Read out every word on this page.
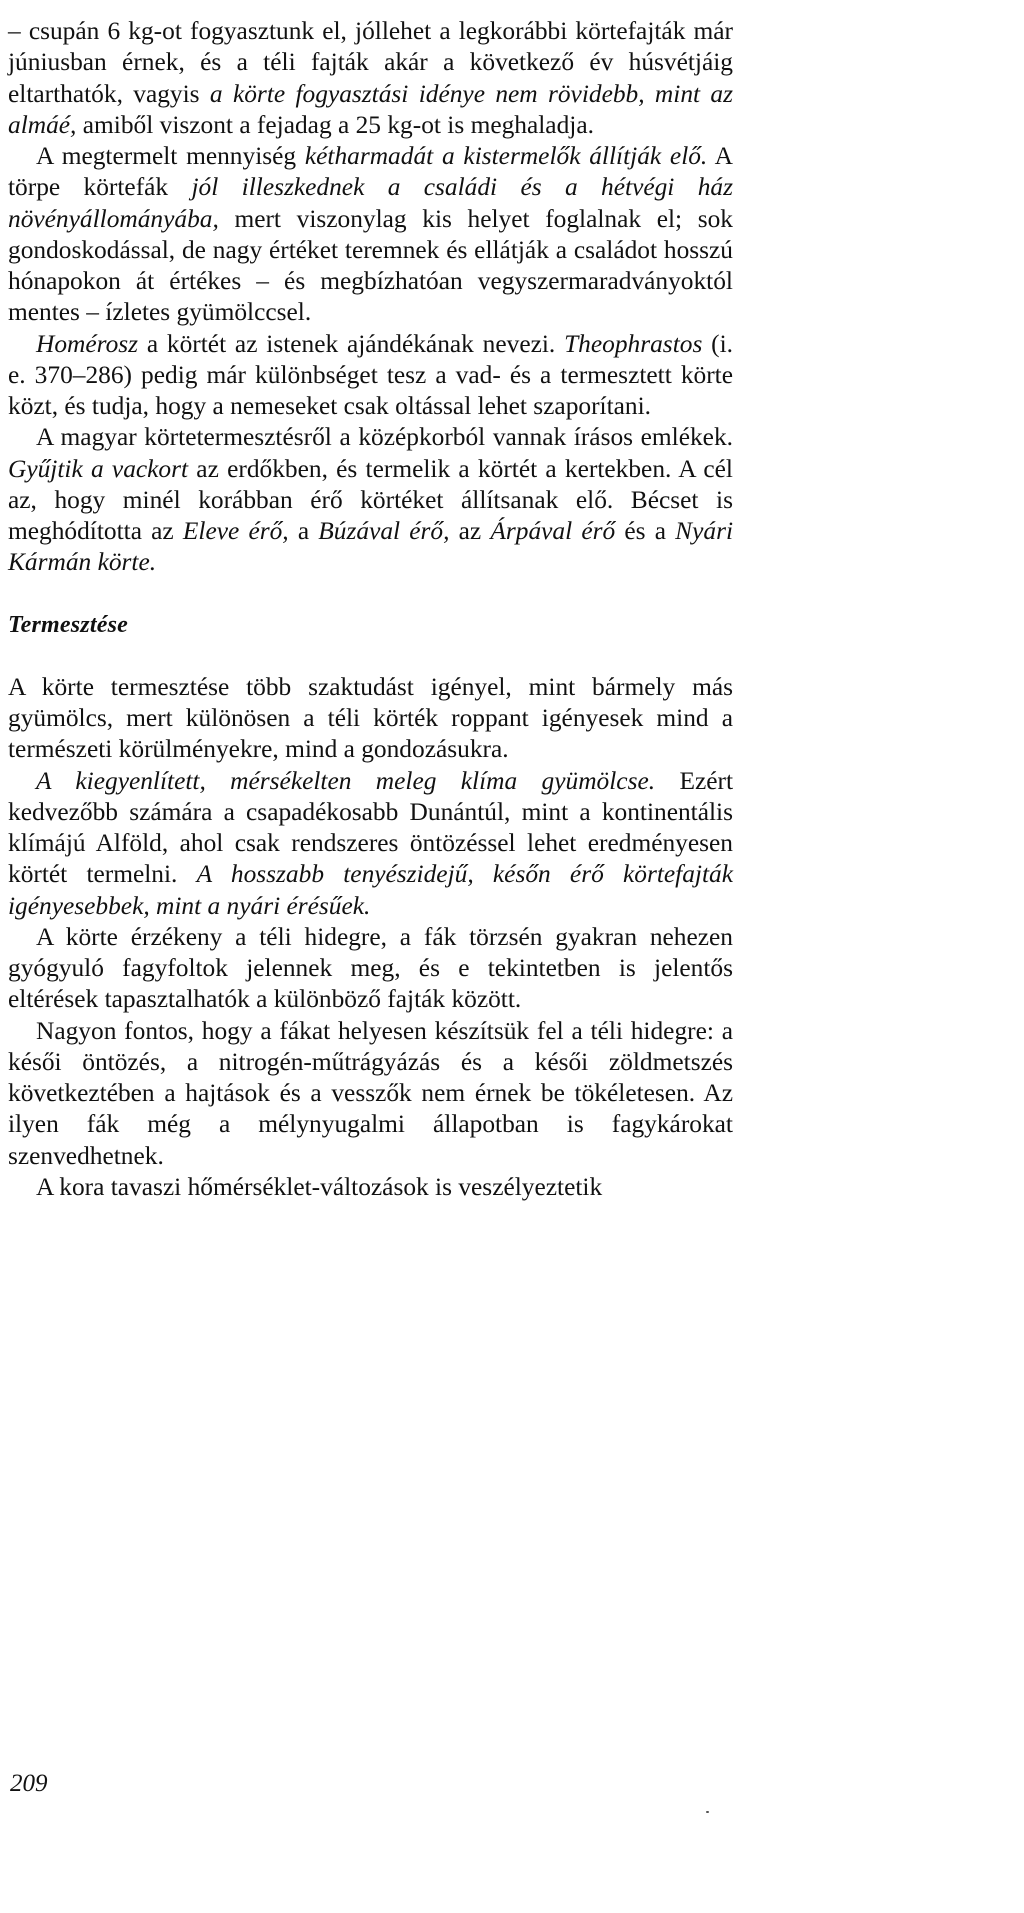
– csupán 6 kg-ot fogyasztunk el, jóllehet a legkorábbi körtefajták már júniusban érnek, és a téli fajták akár a következő év húsvétjáig eltarthatók, vagyis a körte fogyasztási idénye nem rövidebb, mint az almáé, amiből viszont a fejadag a 25 kg-ot is meghaladja.

A megtermelt mennyiség kétharmadát a kistermelők állítják elő. A törpe körtefák jól illeszkednek a családi és a hétvégi ház növényállományába, mert viszonylag kis helyet foglalnak el; sok gondoskodással, de nagy értéket teremnek és ellátják a családot hosszú hónapokon át értékes – és megbízhatóan vegyszermaradványoktól mentes – ízletes gyümölccsel.

Homérosz a körtét az istenek ajándékának nevezi. Theophrastos (i. e. 370–286) pedig már különbséget tesz a vad- és a termesztett körte közt, és tudja, hogy a nemeseket csak oltással lehet szaporítani.

A magyar körtetermesztésről a középkorból vannak írásos emlékek. Gyűjtik a vackort az erdőkben, és termelik a körtét a kertekben. A cél az, hogy minél korábban érő körtéket állítsanak elő. Bécset is meghódította az Eleve érő, a Búzával érő, az Árpával érő és a Nyári Kármán körte.

Termesztése

A körte termesztése több szaktudást igényel, mint bármely más gyümölcs, mert különösen a téli körték roppant igényesek mind a természeti körülményekre, mind a gondozásukra.

A kiegyenlített, mérsékelten meleg klíma gyümölcse. Ezért kedvezőbb számára a csapadékosabb Dunántúl, mint a kontinentális klímájú Alföld, ahol csak rendszeres öntözéssel lehet eredményesen körtét termelni. A hosszabb tenyészidejű, későn érő körtefajták igényesebbek, mint a nyári érésűek.

A körte érzékeny a téli hidegre, a fák törzsén gyakran nehezen gyógyuló fagyfoltok jelennek meg, és e tekintetben is jelentős eltérések tapasztalhatók a különböző fajták között.

Nagyon fontos, hogy a fákat helyesen készítsük fel a téli hidegre: a késői öntözés, a nitrogén-műtrágyázás és a késői zöldmetszés következtében a hajtások és a vesszők nem érnek be tökéletesen. Az ilyen fák még a mélynyugalmi állapotban is fagykárokat szenvedhetnek.

A kora tavaszi hőmérséklet-változások is veszélyeztetik

209
